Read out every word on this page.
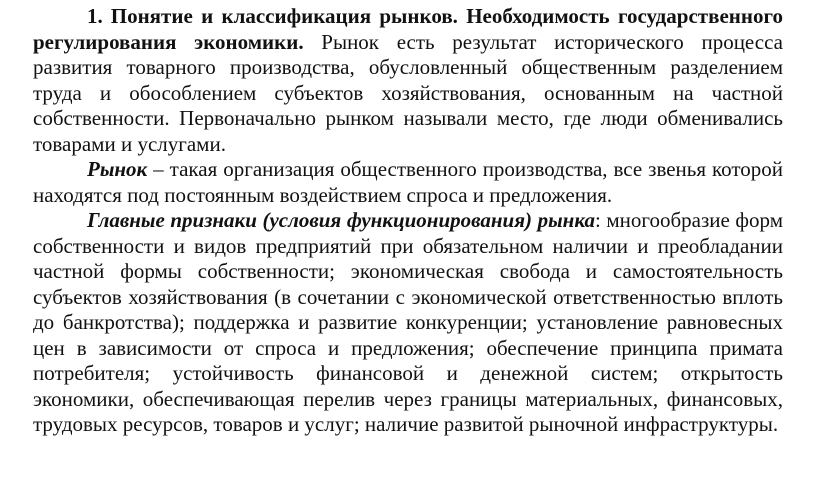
1. Понятие и классификация рынков. Необходимость государственного регулирования экономики. Рынок есть результат исторического процесса развития товарного производства, обусловленный общественным разделением труда и обособлением субъектов хозяйствования, основанным на частной собственности. Первоначально рынком называли место, где люди обменивались товарами и услугами.

Рынок – такая организация общественного производства, все звенья которой находятся под постоянным воздействием спроса и предложения.

Главные признаки (условия функционирования) рынка: многообразие форм собственности и видов предприятий при обязательном наличии и преобладании частной формы собственности; экономическая свобода и самостоятельность субъектов хозяйствования (в сочетании с экономической ответственностью вплоть до банкротства); поддержка и развитие конкуренции; установление равновесных цен в зависимости от спроса и предложения; обеспечение принципа примата потребителя; устойчивость финансовой и денежной систем; открытость экономики, обеспечивающая перелив через границы материальных, финансовых, трудовых ресурсов, товаров и услуг; наличие развитой рыночной инфраструктуры.
